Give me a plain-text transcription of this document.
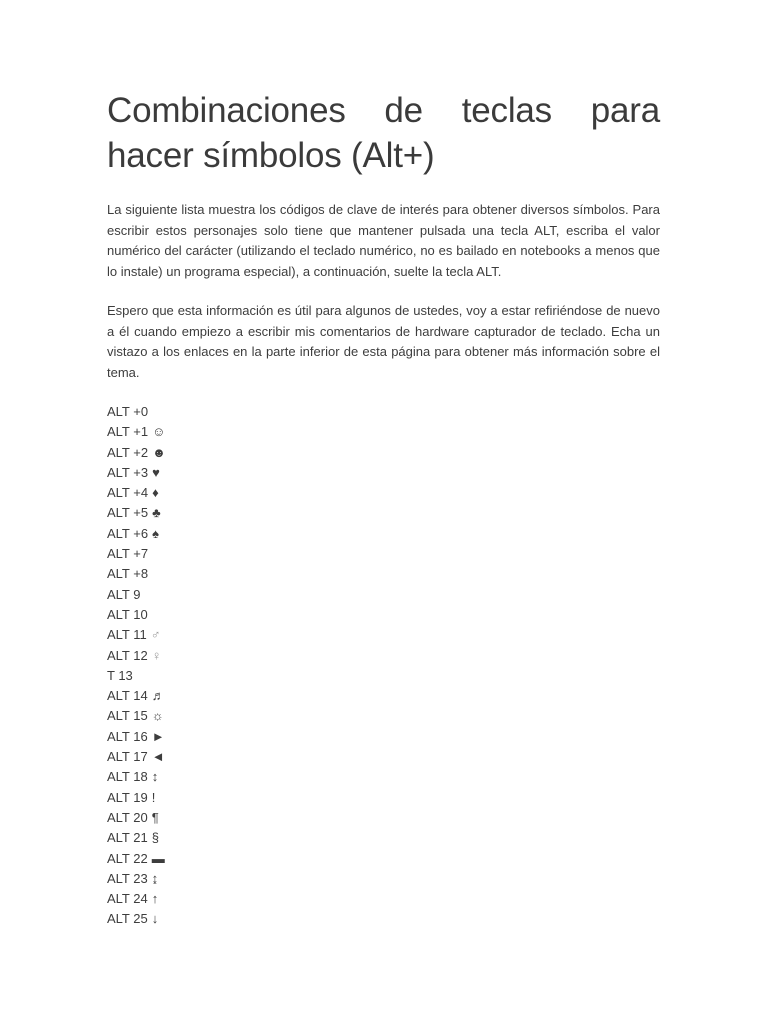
Combinaciones de teclas para hacer símbolos (Alt+)

La siguiente lista muestra los códigos de clave de interés para obtener diversos símbolos. Para escribir estos personajes solo tiene que mantener pulsada una tecla ALT, escriba el valor numérico del carácter (utilizando el teclado numérico, no es bailado en notebooks a menos que lo instale) un programa especial), a continuación, suelte la tecla ALT.

Espero que esta información es útil para algunos de ustedes, voy a estar refiriéndose de nuevo a él cuando empiezo a escribir mis comentarios de hardware capturador de teclado. Echa un vistazo a los enlaces en la parte inferior de esta página para obtener más información sobre el tema.

ALT +0
ALT +1 ☺
ALT +2 ☻
ALT +3 ♥
ALT +4 ♦
ALT +5 ♣
ALT +6 ♠
ALT +7
ALT +8
ALT 9
ALT 10
ALT 11 ♂
ALT 12 ♀
T 13
ALT 14 ♬
ALT 15 ☼
ALT 16 ►
ALT 17 ◄
ALT 18 ↕
ALT 19 !
ALT 20 ¶
ALT 21 §
ALT 22 ▬
ALT 23 ↨
ALT 24 ↑
ALT 25 ↓
